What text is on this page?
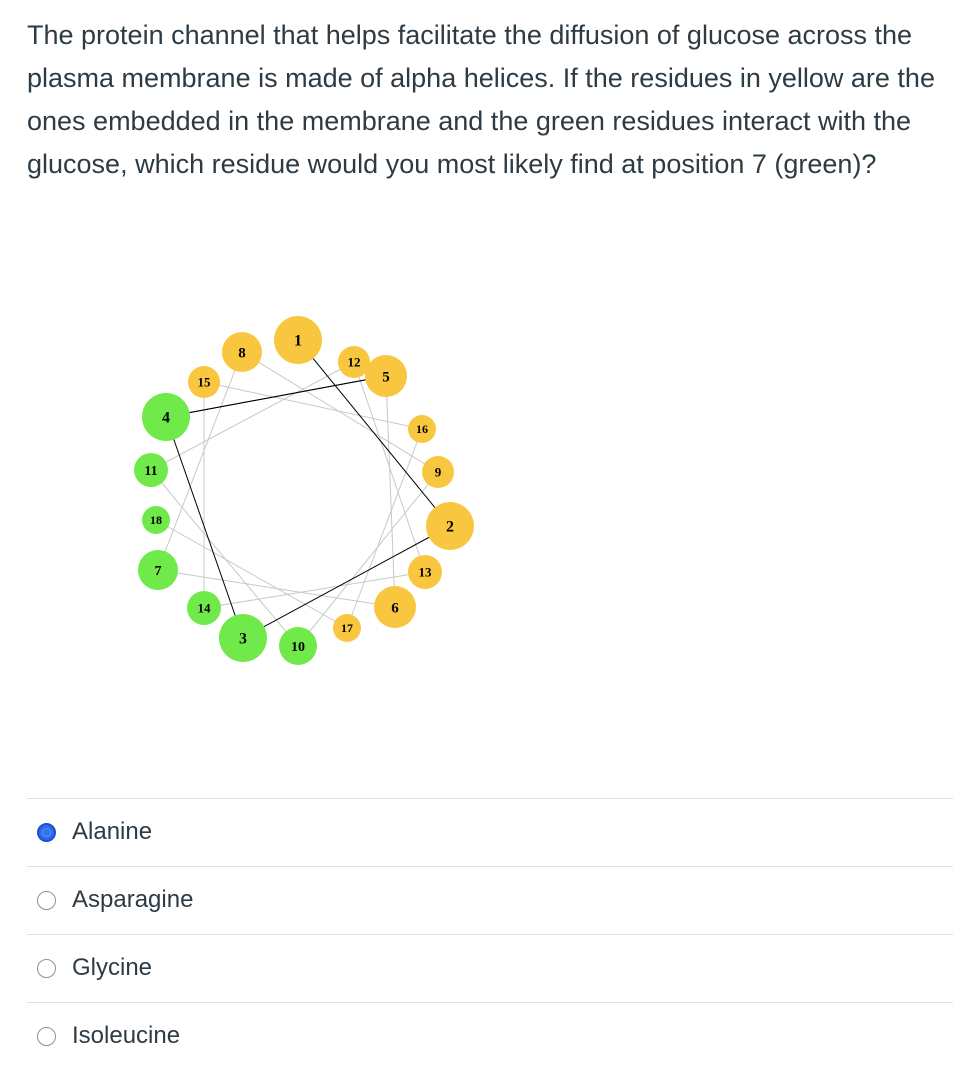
The protein channel that helps facilitate the diffusion of glucose across the plasma membrane is made of alpha helices. If the residues in yellow are the ones embedded in the membrane and the green residues interact with the glucose, which residue would you most likely find at position 7 (green)?

1
2
3
4
5
6
7
8
9
10
11
12
13
14
15
16
17
18
Alanine
Asparagine
Glycine
Isoleucine
